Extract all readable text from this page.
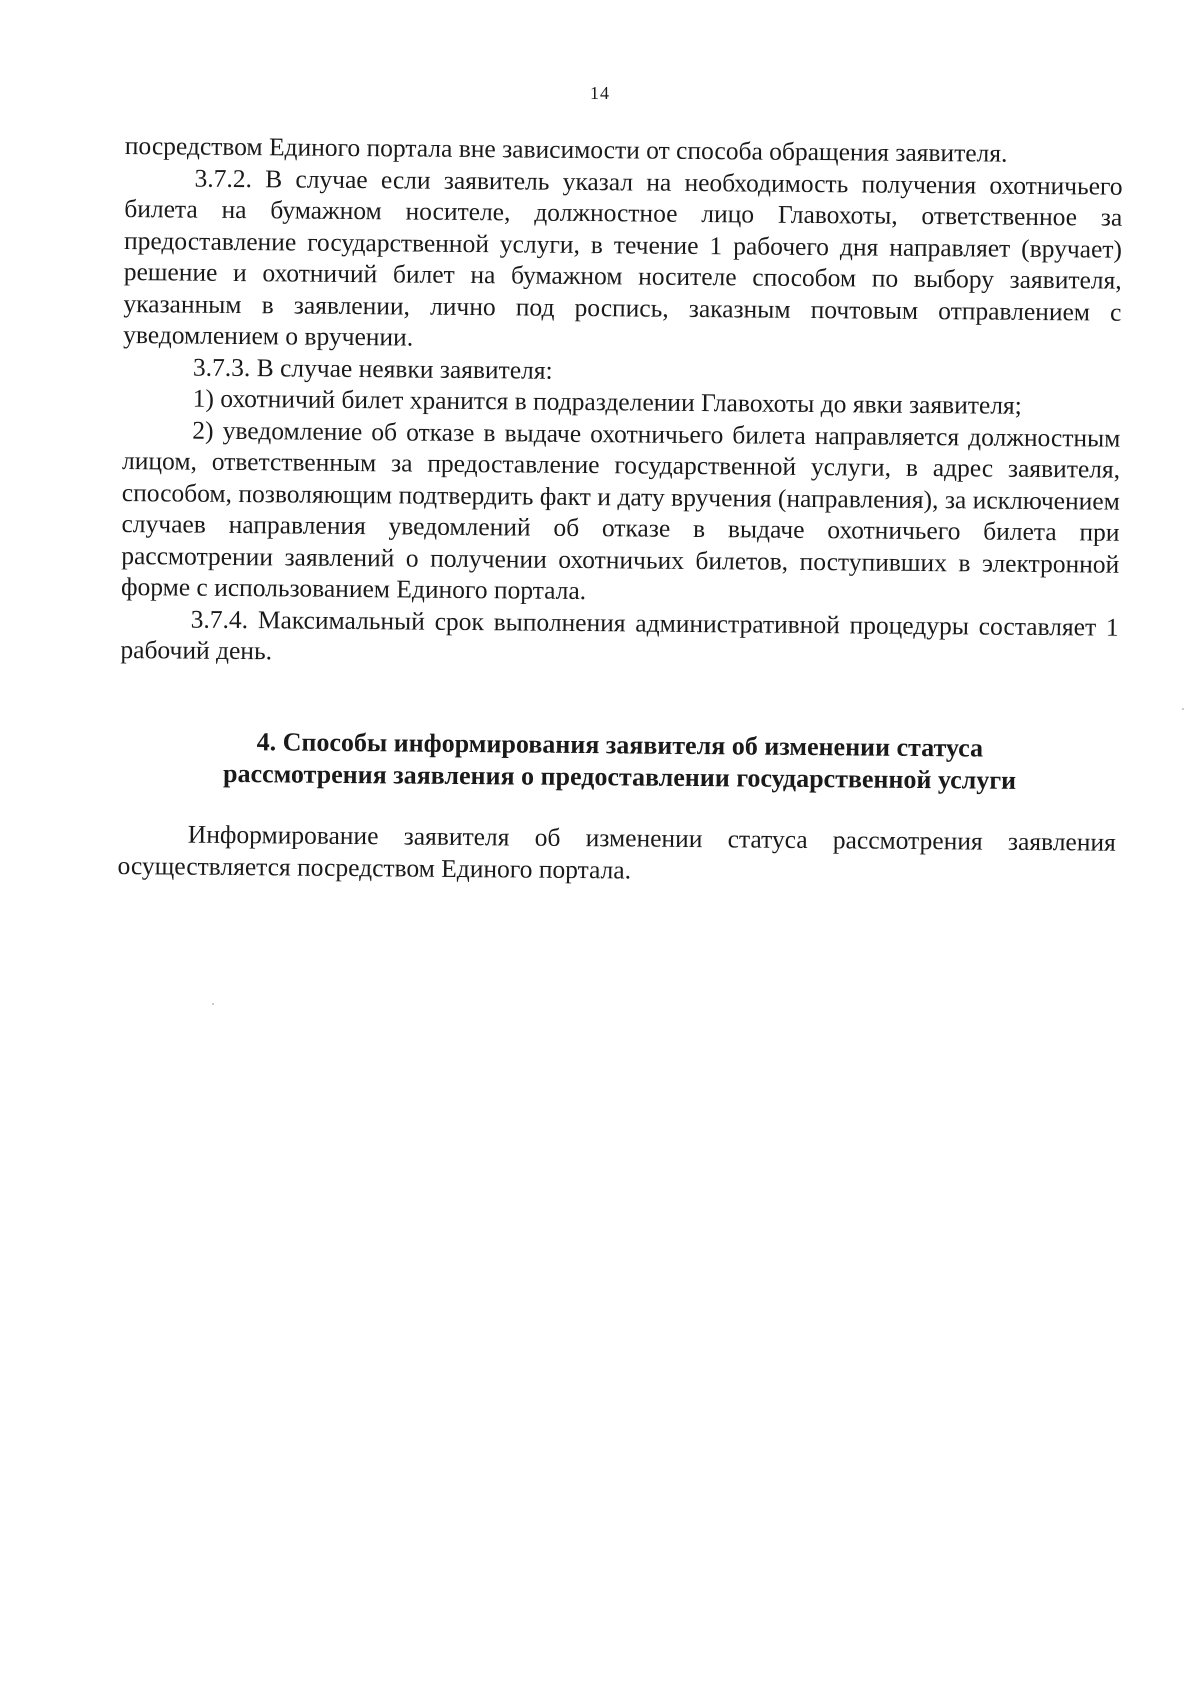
14

посредством Единого портала вне зависимости от способа обращения заявителя.

3.7.2. В случае если заявитель указал на необходимость получения охотничьего билета на бумажном носителе, должностное лицо Главохоты, ответственное за предоставление государственной услуги, в течение 1 рабочего дня направляет (вручает) решение и охотничий билет на бумажном носителе способом по выбору заявителя, указанным в заявлении, лично под роспись, заказным почтовым отправлением с уведомлением о вручении.

3.7.3. В случае неявки заявителя:

1) охотничий билет хранится в подразделении Главохоты до явки заявителя;

2) уведомление об отказе в выдаче охотничьего билета направляется должностным лицом, ответственным за предоставление государственной услуги, в адрес заявителя, способом, позволяющим подтвердить факт и дату вручения (направления), за исключением случаев направления уведомлений об отказе в выдаче охотничьего билета при рассмотрении заявлений о получении охотничьих билетов, поступивших в электронной форме с использованием Единого портала.

3.7.4. Максимальный срок выполнения административной процедуры составляет 1 рабочий день.

4. Способы информирования заявителя об изменении статуса
рассмотрения заявления о предоставлении государственной услуги

Информирование заявителя об изменении статуса рассмотрения заявления осуществляется посредством Единого портала.
